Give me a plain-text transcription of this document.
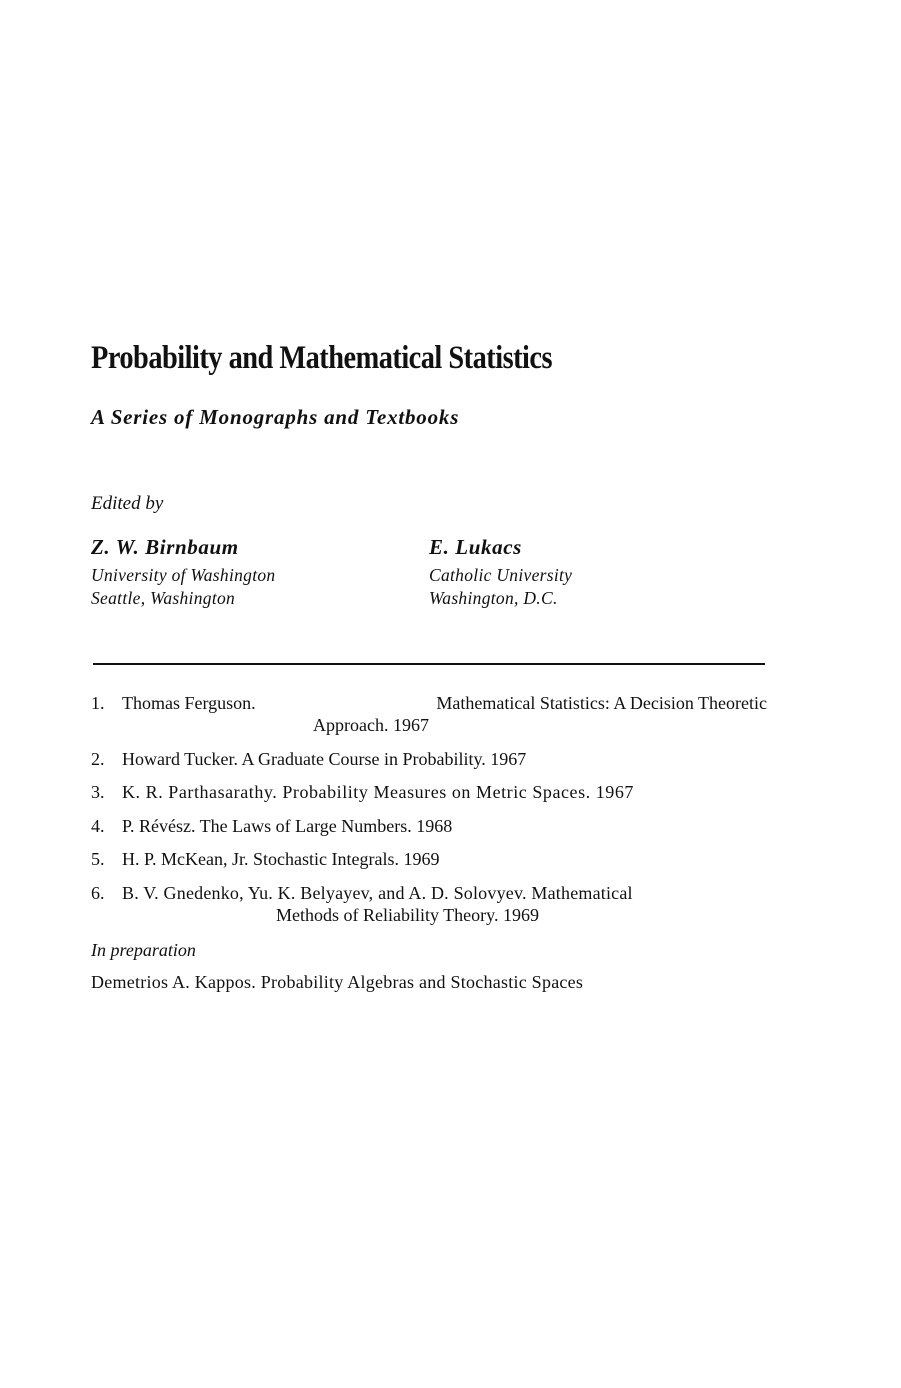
Probability and Mathematical Statistics
A Series of Monographs and Textbooks
Edited by
Z. W. Birnbaum
University of Washington
Seattle, Washington
E. Lukacs
Catholic University
Washington, D.C.
1. Thomas Ferguson.	Mathematical Statistics: A Decision Theoretic
Approach. 1967
2. Howard Tucker. A Graduate Course in Probability. 1967
3. K. R. Parthasarathy. Probability Measures on Metric Spaces. 1967
4. P. Révész. The Laws of Large Numbers. 1968
5. H. P. McKean, Jr. Stochastic Integrals. 1969
6. B. V. Gnedenko, Yu. K. Belyayev, and A. D. Solovyev. Mathematical
Methods of Reliability Theory. 1969
In preparation
Demetrios A. Kappos. Probability Algebras and Stochastic Spaces
